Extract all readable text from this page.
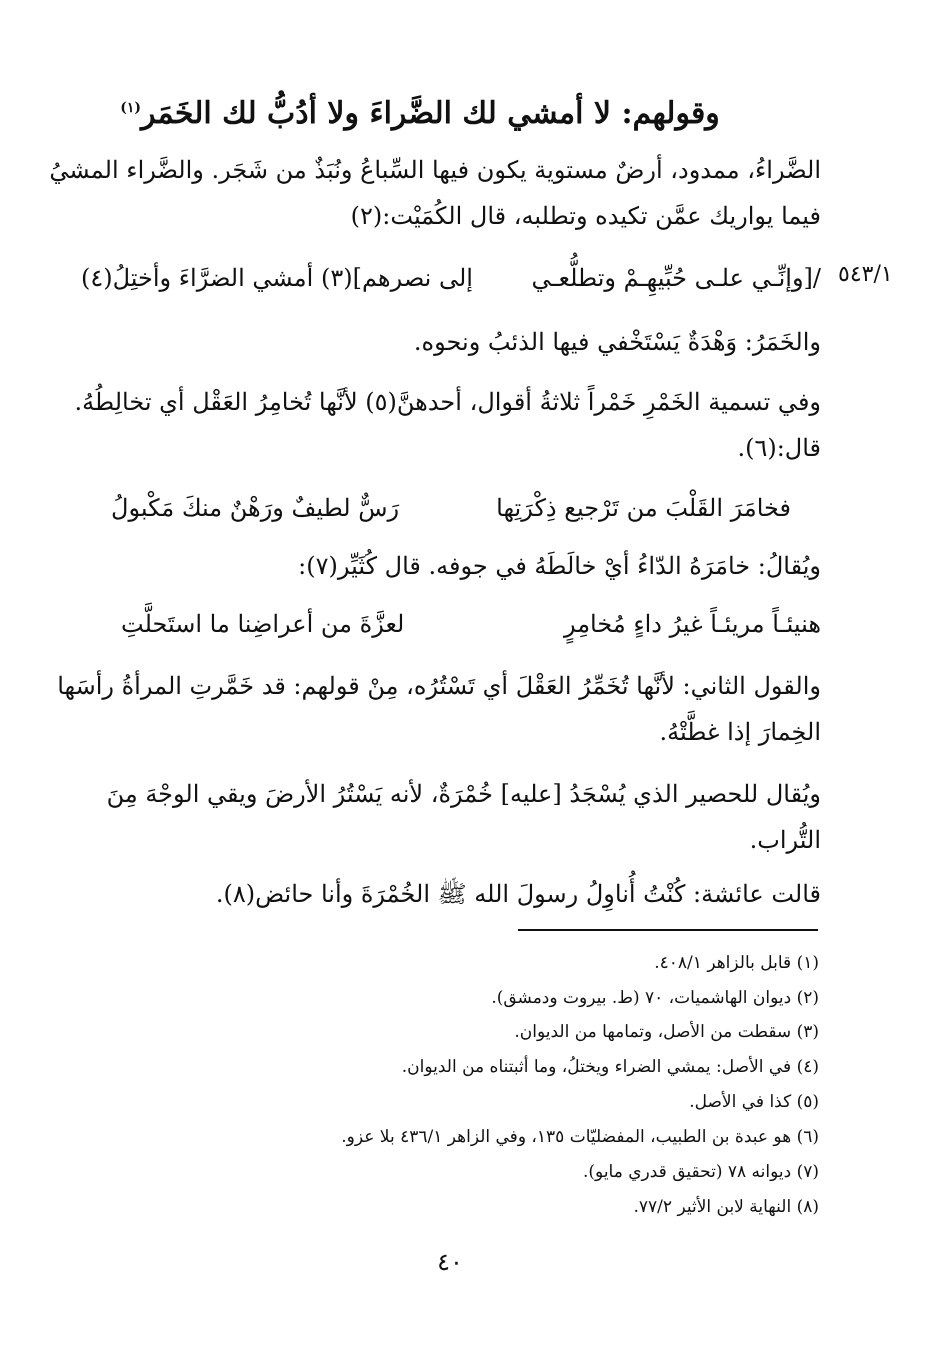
وقولهم: لا أمشي لك الضَّراءَ ولا أدُبُّ لك الخَمَر$^{(١)}$
الضَّراءُ، ممدود، أرضٌ مستوية يكون فيها السِّباعُ ونُبَذٌ من شَجَر. والضَّراء المشيُ
فيما يواريك عمَّن تكيده وتطلبه، قال الكُمَيْت:(٢)
٥٤٣/١
/[وإنِّـي علـى حُبِّيهِـمْ وتطلُّعـي
إلى نصرهم](٣) أمشي الضرَّاءَ وأختِلُ(٤)
والخَمَرُ: وَهْدَةٌ يَسْتَخْفي فيها الذئبُ ونحوه.
وفي تسمية الخَمْرِ خَمْراً ثلاثةُ أقوال، أحدهنَّ(٥) لأنَّها تُخامِرُ العَقْل أي تخالِطُهُ.
قال:(٦).
فخامَرَ القَلْبَ من تَرْجيع ذِكْرَتِها
رَسٌّ لطيفٌ ورَهْنٌ منكَ مَكْبولُ
ويُقالُ: خامَرَهُ الدّاءُ أيْ خالَطَهُ في جوفه. قال كُثَيِّر(٧):
هنيئـاً مريئـاً غيرُ داءٍ مُخامِرٍ
لعزَّةَ من أعراضِنا ما استَحلَّتِ
والقول الثاني: لأنَّها تُخَمِّرُ العَقْلَ أي تَسْتُرُه، مِنْ قولهم: قد خَمَّرتِ المرأةُ رأسَها
الخِمارَ إذا غطَّتْهُ.
ويُقال للحصير الذي يُسْجَدُ [عليه] خُمْرَةٌ، لأنه يَسْتُرُ الأرضَ ويقي الوجْهَ مِنَ
التُّراب.
قالت عائشة: كُنْتُ أُناوِلُ رسولَ الله ﷺ الخُمْرَةَ وأنا حائض(٨).
(١) قابل بالزاهر ٤٠٨/١.
(٢) ديوان الهاشميات، ٧٠ (ط. بيروت ودمشق).
(٣) سقطت من الأصل، وتمامها من الديوان.
(٤) في الأصل: يمشي الضراء ويختلُ، وما أثبتناه من الديوان.
(٥) كذا في الأصل.
(٦) هو عبدة بن الطبيب، المفضليّات ١٣٥، وفي الزاهر ٤٣٦/١ بلا عزو.
(٧) ديوانه ٧٨ (تحقيق قدري مايو).
(٨) النهاية لابن الأثير ٧٧/٢.
٤٠
